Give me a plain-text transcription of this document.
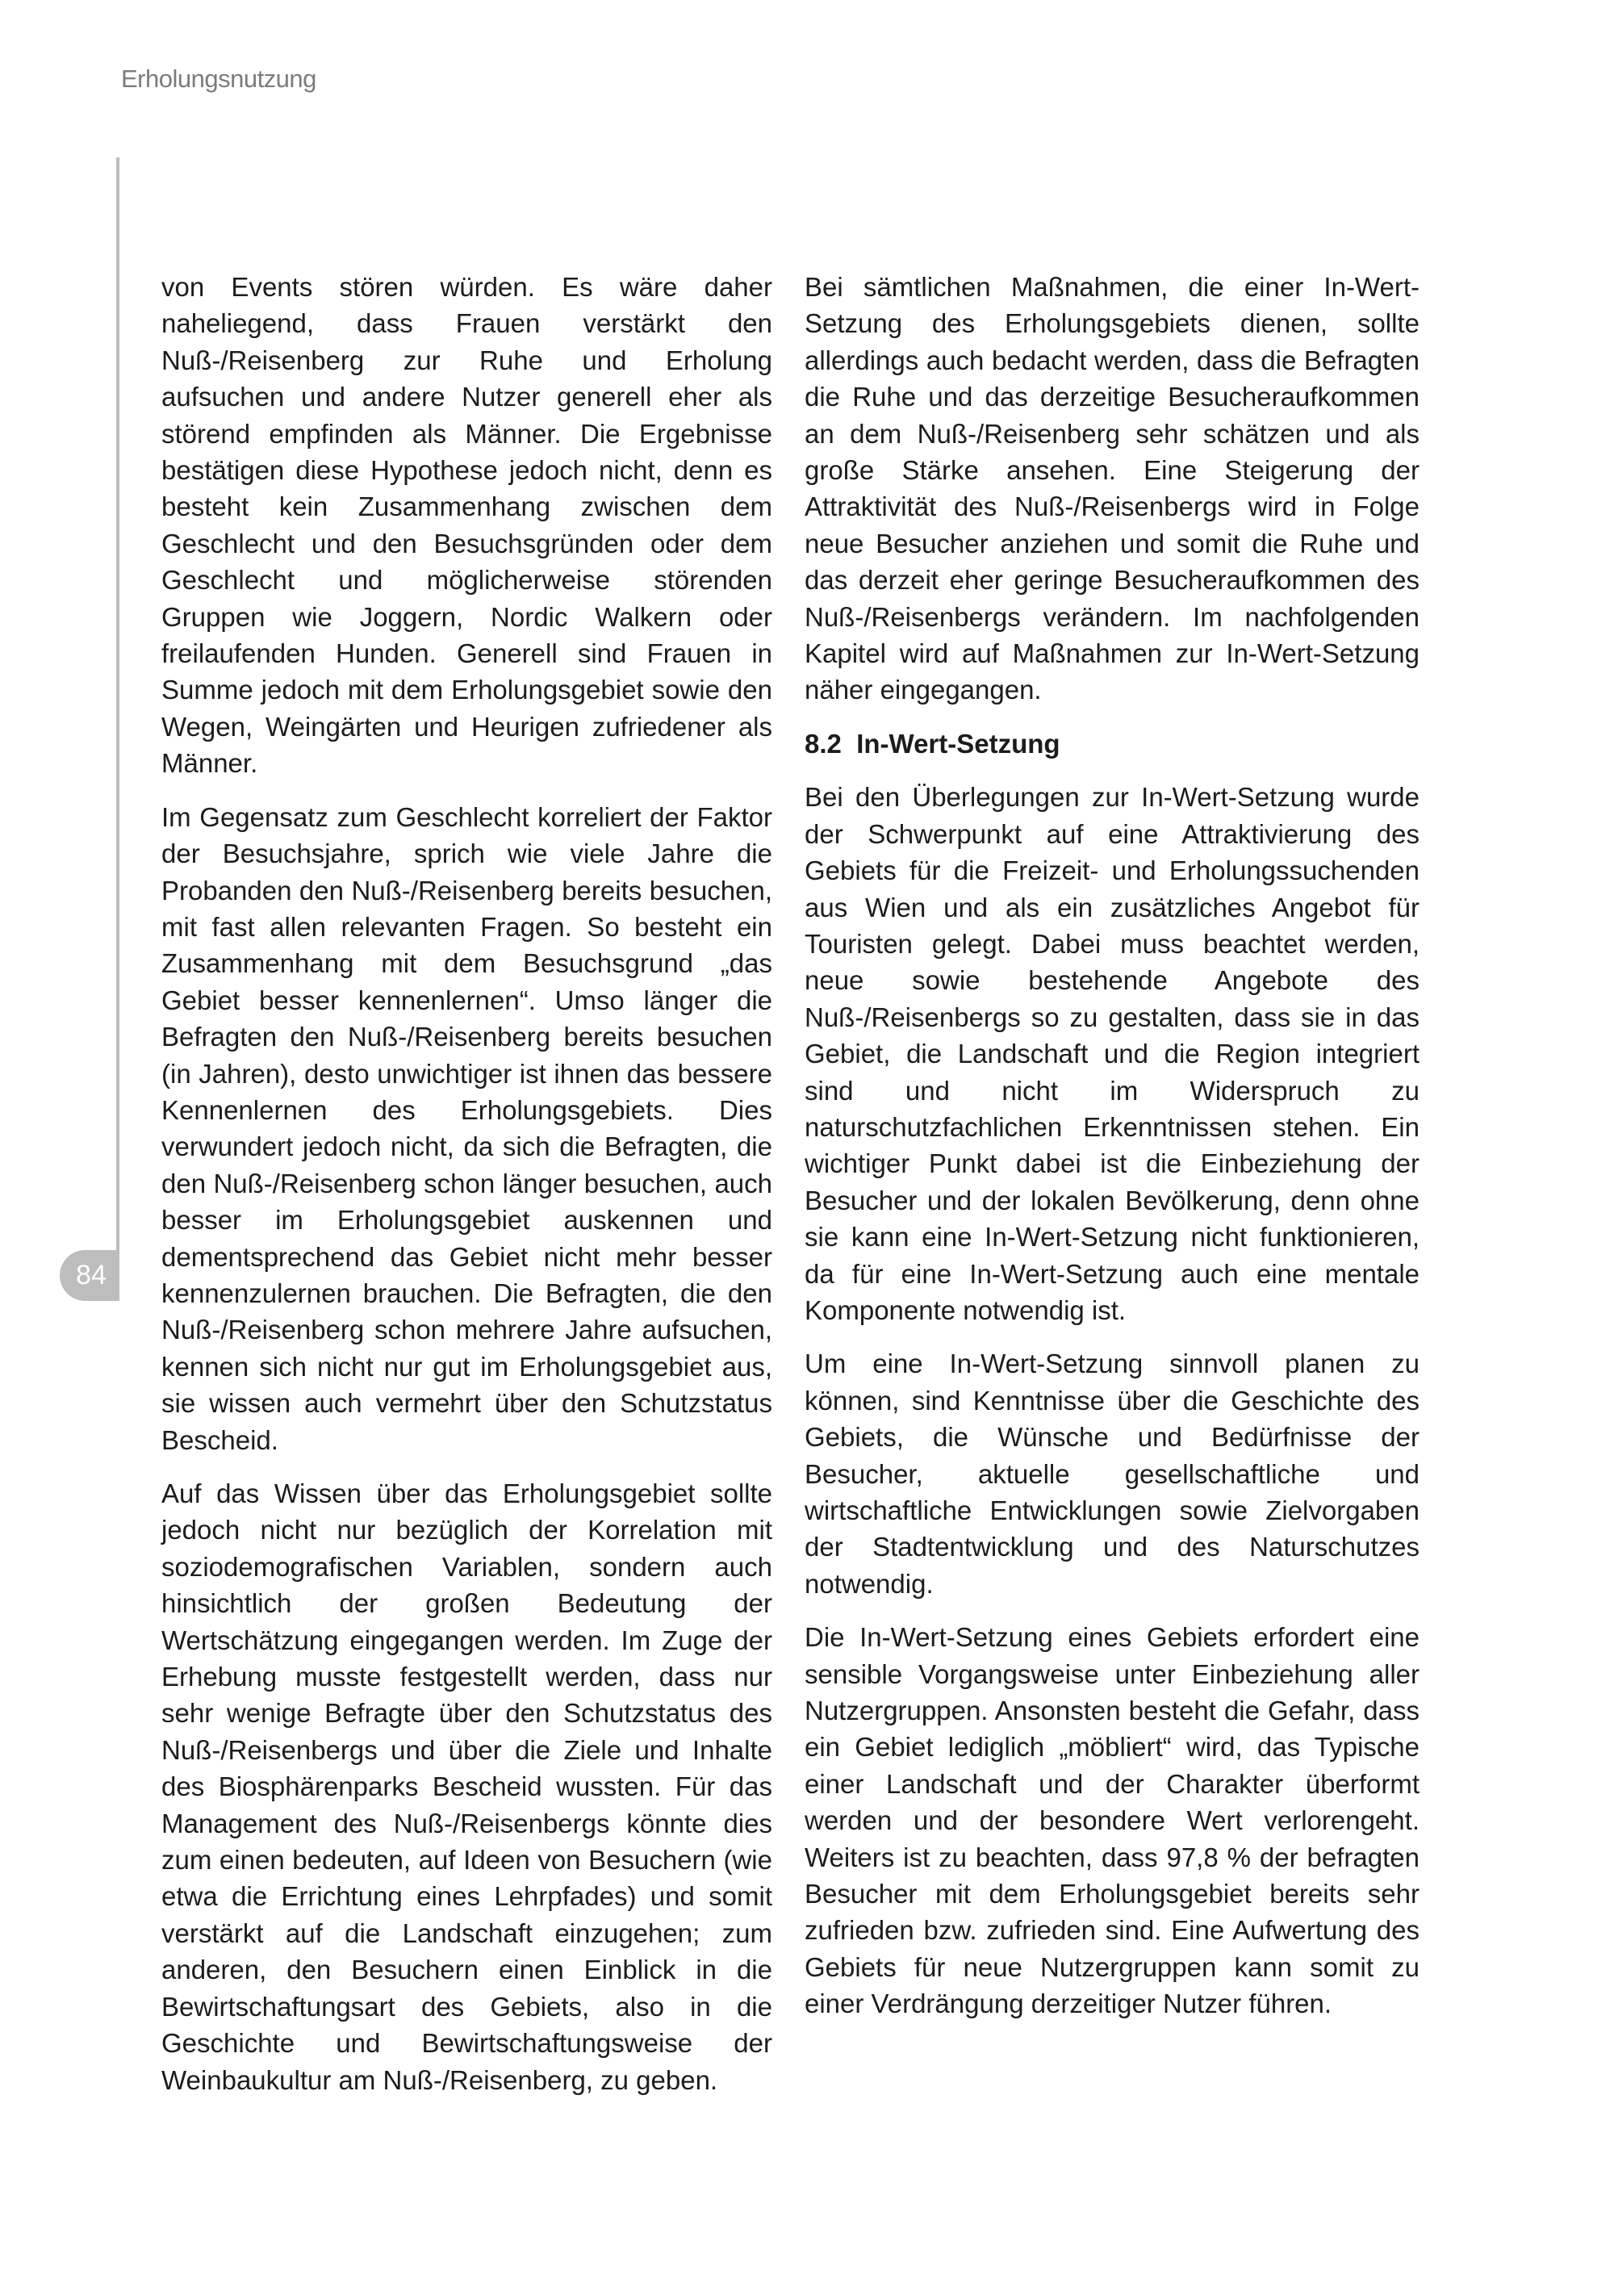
Erholungsnutzung
84

von Events stören würden. Es wäre daher naheliegend, dass Frauen verstärkt den Nuß-/Reisenberg zur Ruhe und Erholung aufsuchen und andere Nutzer generell eher als störend empfinden als Männer. Die Ergebnisse bestätigen diese Hypothese jedoch nicht, denn es besteht kein Zusammenhang zwischen dem Geschlecht und den Besuchsgründen oder dem Geschlecht und möglicherweise störenden Gruppen wie Joggern, Nordic Walkern oder freilaufenden Hunden. Generell sind Frauen in Summe jedoch mit dem Erholungsgebiet sowie den Wegen, Weingärten und Heurigen zufriedener als Männer.

Im Gegensatz zum Geschlecht korreliert der Faktor der Besuchsjahre, sprich wie viele Jahre die Probanden den Nuß-/Reisenberg bereits besuchen, mit fast allen relevanten Fragen. So besteht ein Zusammenhang mit dem Besuchsgrund „das Gebiet besser kennenlernen“. Umso länger die Befragten den Nuß-/Reisenberg bereits besuchen (in Jahren), desto unwichtiger ist ihnen das bessere Kennenlernen des Erholungsgebiets. Dies verwundert jedoch nicht, da sich die Befragten, die den Nuß-/Reisenberg schon länger besuchen, auch besser im Erholungsgebiet auskennen und dementsprechend das Gebiet nicht mehr besser kennenzulernen brauchen. Die Befragten, die den Nuß-/Reisenberg schon mehrere Jahre aufsuchen, kennen sich nicht nur gut im Erholungsgebiet aus, sie wissen auch vermehrt über den Schutzstatus Bescheid.

Auf das Wissen über das Erholungsgebiet sollte jedoch nicht nur bezüglich der Korrelation mit soziodemografischen Variablen, sondern auch hinsichtlich der großen Bedeutung der Wertschätzung eingegangen werden. Im Zuge der Erhebung musste festgestellt werden, dass nur sehr wenige Befragte über den Schutzstatus des Nuß-/Reisenbergs und über die Ziele und Inhalte des Biosphärenparks Bescheid wussten. Für das Management des Nuß-/Reisenbergs könnte dies zum einen bedeuten, auf Ideen von Besuchern (wie etwa die Errichtung eines Lehrpfades) und somit verstärkt auf die Landschaft einzugehen; zum anderen, den Besuchern einen Einblick in die Bewirtschaftungsart des Gebiets, also in die Geschichte und Bewirtschaftungsweise der Weinbaukultur am Nuß-/Reisenberg, zu geben.

Bei sämtlichen Maßnahmen, die einer In-Wert-Setzung des Erholungsgebiets dienen, sollte allerdings auch bedacht werden, dass die Befragten die Ruhe und das derzeitige Besucheraufkommen an dem Nuß-/Reisenberg sehr schätzen und als große Stärke ansehen. Eine Steigerung der Attraktivität des Nuß-/Reisenbergs wird in Folge neue Besucher anziehen und somit die Ruhe und das derzeit eher geringe Besucheraufkommen des Nuß-/Reisenbergs verändern. Im nachfolgenden Kapitel wird auf Maßnahmen zur In-Wert-Setzung näher eingegangen.

8.2  In-Wert-Setzung

Bei den Überlegungen zur In-Wert-Setzung wurde der Schwerpunkt auf eine Attraktivierung des Gebiets für die Freizeit- und Erholungssuchenden aus Wien und als ein zusätzliches Angebot für Touristen gelegt. Dabei muss beachtet werden, neue sowie bestehende Angebote des Nuß-/Reisenbergs so zu gestalten, dass sie in das Gebiet, die Landschaft und die Region integriert sind und nicht im Widerspruch zu naturschutzfachlichen Erkenntnissen stehen. Ein wichtiger Punkt dabei ist die Einbeziehung der Besucher und der lokalen Bevölkerung, denn ohne sie kann eine In-Wert-Setzung nicht funktionieren, da für eine In-Wert-Setzung auch eine mentale Komponente notwendig ist.

Um eine In-Wert-Setzung sinnvoll planen zu können, sind Kenntnisse über die Geschichte des Gebiets, die Wünsche und Bedürfnisse der Besucher, aktuelle gesellschaftliche und wirtschaftliche Entwicklungen sowie Zielvorgaben der Stadtentwicklung und des Naturschutzes notwendig.

Die In-Wert-Setzung eines Gebiets erfordert eine sensible Vorgangsweise unter Einbeziehung aller Nutzergruppen. Ansonsten besteht die Gefahr, dass ein Gebiet lediglich „möbliert“ wird, das Typische einer Landschaft und der Charakter überformt werden und der besondere Wert verlorengeht. Weiters ist zu beachten, dass 97,8 % der befragten Besucher mit dem Erholungsgebiet bereits sehr zufrieden bzw. zufrieden sind. Eine Aufwertung des Gebiets für neue Nutzergruppen kann somit zu einer Verdrängung derzeitiger Nutzer führen.
